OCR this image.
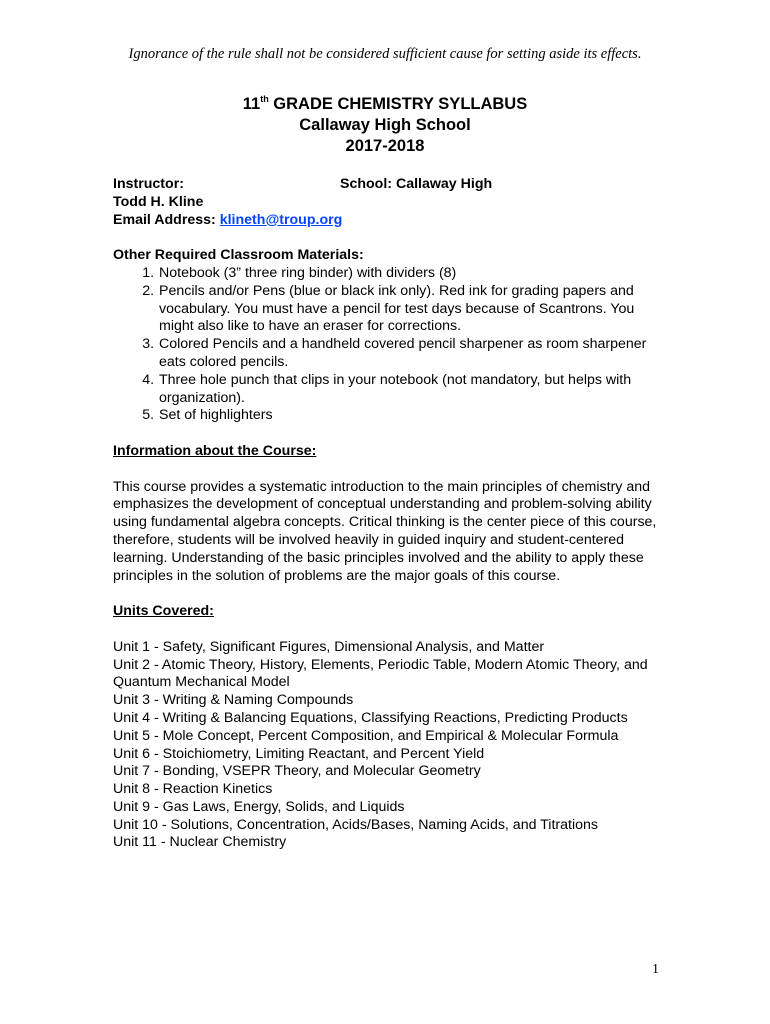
Ignorance of the rule shall not be considered sufficient cause for setting aside its effects.
11th GRADE CHEMISTRY SYLLABUS
Callaway High School
2017-2018
Instructor:	School: Callaway High
Todd H. Kline
Email Address: klineth@troup.org
Other Required Classroom Materials:
1. Notebook (3” three ring binder) with dividers (8)
2. Pencils and/or Pens (blue or black ink only). Red ink for grading papers and vocabulary. You must have a pencil for test days because of Scantrons. You might also like to have an eraser for corrections.
3. Colored Pencils and a handheld covered pencil sharpener as room sharpener eats colored pencils.
4. Three hole punch that clips in your notebook (not mandatory, but helps with organization).
5. Set of highlighters
Information about the Course:

This course provides a systematic introduction to the main principles of chemistry and emphasizes the development of conceptual understanding and problem-solving ability using fundamental algebra concepts. Critical thinking is the center piece of this course, therefore, students will be involved heavily in guided inquiry and student-centered learning. Understanding of the basic principles involved and the ability to apply these principles in the solution of problems are the major goals of this course.

Units Covered:
Unit 1 - Safety, Significant Figures, Dimensional Analysis, and Matter
Unit 2 - Atomic Theory, History, Elements, Periodic Table, Modern Atomic Theory, and Quantum Mechanical Model
Unit 3 - Writing & Naming Compounds
Unit 4 - Writing & Balancing Equations, Classifying Reactions, Predicting Products
Unit 5 - Mole Concept, Percent Composition, and Empirical & Molecular Formula
Unit 6 - Stoichiometry, Limiting Reactant, and Percent Yield
Unit 7 - Bonding, VSEPR Theory, and Molecular Geometry
Unit 8 - Reaction Kinetics
Unit 9 - Gas Laws, Energy, Solids, and Liquids
Unit 10 - Solutions, Concentration, Acids/Bases, Naming Acids, and Titrations
Unit 11 - Nuclear Chemistry
1
